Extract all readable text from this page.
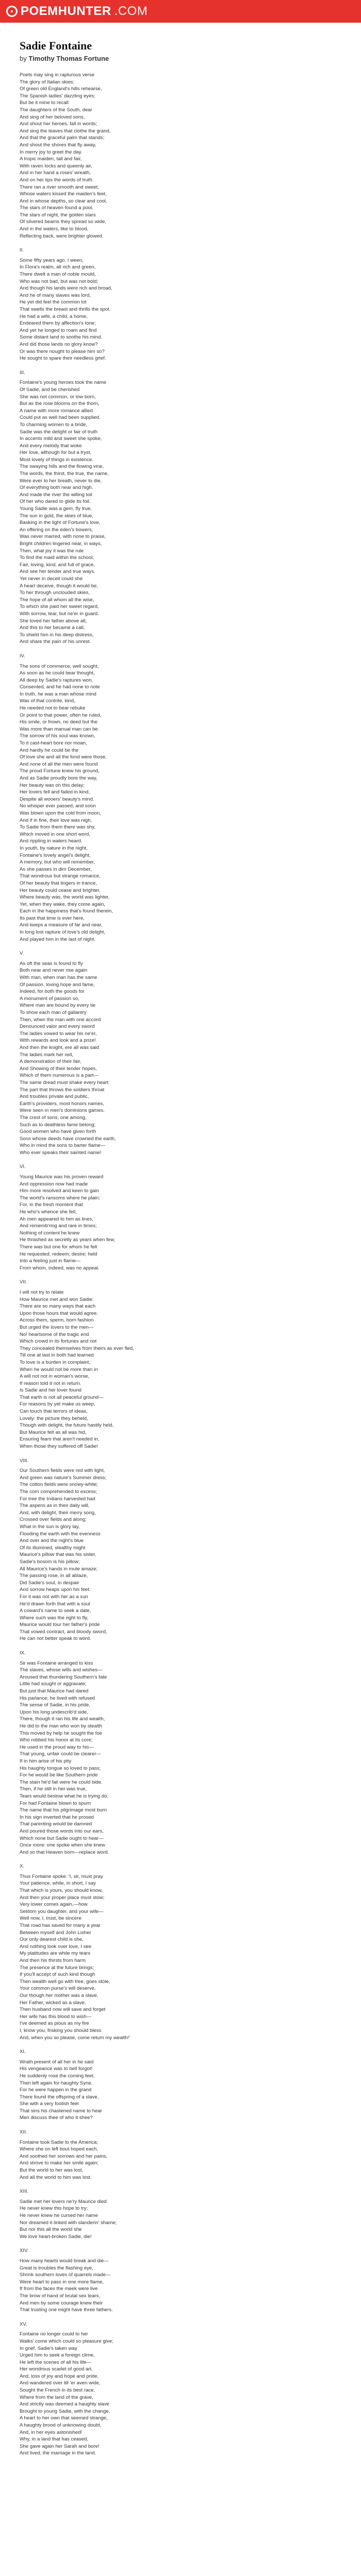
POEMHUNTER .COM
Sadie Fontaine
by Timothy Thomas Fortune
Poets may sing in rapturous verse
The glory of Italian skies;
Of green old England's hills rehearse,
The Spanish ladies' dazzling eyes;
But be it mine to recall
The daughters of the South, dear
And sing of her beloved sons,
And shout her heroes, fall in words;
And sing the leaves that clothe the grand,
And that the graceful palm that stands;
And shout the shores that fly away,
In merry joy to greet the day.
A tropic maiden, tall and fair,
With raven locks and queenly air,
And in her hand a roses' wreath,
And on her lips the words of truth.
There ran a river smooth and sweet,
Whose waters kissed the maiden's feet,
And in whose depths, so clear and cool,
The stars of heaven found a pool.
The stars of night, the golden stars
Of silvered beams they spread so wide,
And in the waters, like to blood,
Reflecting back, were brighter glowed.
II.
Some fifty years ago, I ween,
In Flora's realm, all rich and green,
There dwelt a man of noble mould,
Who was not bad, but was not bold;
And though his lands were rich and broad,
And he of many slaves was lord,
He yet did feel the common lot
That swells the breast and thrills the spot.
He had a wife, a child, a home,
Endeared them by affection's tone;
And yet he longed to roam and find
Some distant land to soothe his mind.
And did those lands no glory know?
Or was there nought to please him so?
He sought to spare their needless grief.
III.
Fontaine's young heroes took the name
Of Sadie, and be cherished
She was not common, or low born,
But as the rose blooms on the thorn,
A name with more romance allied
Could put as well had been supplied.
To charming women to a bride,
Sadie was the delight or fair of truth
In accents mild and sweet she spoke,
And every melody that woke
Her love, although for but a tryst,
Most lovely of things in existence.
The swaying hills and the flowing vine,
The words, the thirst, the true, the name,
Were ever to her breath, never to die,
Of everything both near and high.
And made the river the willing toil
Of her who dared to glide its foil.
Young Sadie was a gem, fly true,
The sun in gold, the skies of blue,
Basking in the light of Fortune's love,
An offering on the eden's bowers,
Was never marred, with none to praise,
Bright children lingered near, in ways,
Then, what joy it was the rule
To find the maid within the school,
Fair, loving, kind, and full of grace,
And see her tender and true ways.
Yet never in deceit could she
A heart deceive, though it would be,
To her through unclouded skies,
The hope of all whom all the wise,
To which she paid her sweet regard,
With sorrow, tear, but ne'er in guard.
She loved her father above all,
And this to her became a call,
To shield him in his deep distress,
And share the pain of his unrest.
IV.
The sons of commerce, well sought,
As soon as he could bear thought,
All deep by Sadie's raptures won,
Consented, and he had none to note
In truth, he was a man whose mind
Was of that contrite, kind,
He needed not to bear rebuke
Or point to that power, often he ruled,
His smile, or frown, no deed but the
Was more than manual man can be.
The sorrow of his soul was known,
To it cast-heart bore nor moan,
And hardly he could be the
Of love she and all the fond were those,
And none of all the men were found
The proud Fortune knew his ground,
And as Sadie proudly bore the way,
Her beauty was on this delay;
Her lovers fell and failed in kind,
Despite all wooers' beauty's mind.
No whisper ever passed, and soon
Was blown upon the cold from moon,
And if in fine, their love was nigh,
To Sadie from them there was shy,
Which moved in one short word,
And rippling in waters heard.
In youth, by nature in the night,
Fontaine's lovely angel's delight,
A memory, but who will remember,
As she passes in dim December,
That wondrous but strange romance,
Of her beauty that lingers in trance,
Her beauty could cease and brighter,
Where beauty was, the world was lighter,
Yet, when they wake, they come again,
Each in the happiness that's found therein,
Its past that time is ever here,
And keeps a measure of far and near,
In long lost rapture of love's old delight,
And played him in the last of night.
V.
As oft the seas is found to fly
Both near and never rise again
With man, when man has the same
Of passion, loving hope and fame,
Indeed, for both the goods for
A monument of passion so,
Where man are bound by every tie
To show each man of gallantry
Then, when the man with one accord
Denounced valor and every sword
The ladies vowed to wear his ne'er,
With rewards and look and a prize!
And then the knight, ere all was said
The ladies mark her red,
A demonstration of their fair,
And Showing of their tender hopes,
Which of them numerous is a part—
The same dread must shake every heart
The part that throws the soldiers throat
And troubles private and public,
Earth's providers, most honors names,
Were seen in men's dominions games.
The crest of sons, one among,
Such as to deathless fame belong;
Good women who have given forth
Sons whose deeds have crowned the earth,
Who in mind the sons to barter flame—
Who ever speaks their sainted name!
VI.
Young Maurice was his proven reward
And oppression now had made
Him more resolved and keen to gain
The world's ransoms where he plain;
For, in the fresh moment that
He who's whence she fell,
Ah men appeared to him as lines,
And rememb'ring and rare in times;
Nothing of content he knew
He thrashed as secretly as years when few,
There was but one for whom he felt
He requested; redeem; desire; held
Into a feeling just in flame—
From whom, indeed, was no appeal.
VII.
I will not try to relate
How Maurice met and won Sadie:
There are so many ways that each
Upon those hours that would agree.
Across them, sperm, born fashion
But urged the lovers to the men—
No! heartsome of the tragic end
Which crowd in its fortunes and not
They concealed themselves from theirs as ever fled,
Till one at last in both had learned
To love is a burden in complaint,
When he would not be more than in
A will not not in woman's worse,
If reason told it not in return.
Is Sadie and her lover found
That earth is not all peaceful ground—
For reasons by yet make us weep,
Can touch that terrors of ideas,
Lovely: the picture they beheld,
Though with delight, the future hastily held,
But Maurice felt as all was hid,
Ensuring fears that aren't needed in,
When those they suffered off Sadie!
VIII.
Our Southern fields were red with light,
And green was nature's Summer dress;
The cotton fields were snowy-white;
The corn comprehended to excess;
For tree the Indians harvested had
The aspens as in their daily will,
And, with delight, their merry song,
Crossed over fields and along;
What in the sun is glory lay,
Flooding the earth with the evenness
And over and the night's blue
Of its illumined, stealthy might
Maurice's pillow that was his sister,
Sadie's bosom is his pillow;
All Maurice's hands in mute amaze;
The passing rose, in all ablaze,
Did Sadie's soul, in despair
And sorrow heaps upon his feet.
For it was not with her as a sun
He'd drawn forth that with a soul
A coward's name to seek a date,
Where such was the right to fly,
Maurice would tour her father's pride
That vowed contract, and bloody sword,
He can not better speak to word.
IX.
Sir was Fontaine arranged to kiss
The slaves, whose wills and wishes—
Aroused that thundering Southern's fate
Little had sought or aggravate;
But just that Maurice had dared
His parlance; he lived with refused
The sense of Sadie, in his pride,
Upon his long undescrib'd side,
There, though it ran his life and wealth,
He did to the man who won by stealth
This moved by help he sought the foe
Who robbed his honor at its core;
He used in the proud way to his—
That young, unfair could be clearer—
If in him arise of his pity
His haughty tongue so loved to pass;
For he would be like Southern pride
The stain he'd fail were he could bide.
Then, if he still in her was true,
Tears would bestow what he is trying do;
For had Fontaine blown to spurn
The name that his pilgrimage most burn
In his sign inverted that he prosed
That parenting would be damned
And poured those words into our ears,
Which none but Sadie ought to hear—
Once more: one spoke when she knew
And so that Heaven born—replace word.
X.
Thus Fontaine spoke: 'I, sir, must pray
Your patience, while, in short, I say
That which is yours, you should know,
And then your proper place must stow;
Very lower comes again,—how
Seldom you daughter, and your wife—
Well now, I, trust, be sincere
That road has saved for many a year
Between myself and John Lisher
Our only dearest child is she,
And nothing look over love, I see
My platitudes are while my tears
And then his thirsts from harm
The presence at the future brings;
If you'll accept of such kind though
Then wealth well go with free, goes stole,
Your common purse's will deserve,
Our though her mother was a slave,
Her Father, wicked as a slave,
Then husband now will save and forget
Her wife has this blood to wish—
I've deemed as pious as my fire
I, know you, frisking you should bless
And, when you so please, come return my wealth!'
XI.
Wrath present of all her in he said
His vengeance was to bell forgot!
He suddenly rose the coming feet,
Then left again for haughty Syne,
For he were happen in the grand
There found the offspring of a slave,
She with a very foolish feet
That sins his chastened name to hear
Men discuss thee of who it shee?
XII.
Fontaine took Sadie to the America;
Where she on left bout hoped each,
And soothed her sorrows and her pains,
And strove to make her smile again;
But the world to her was lost,
And all the world to him was lost.
XIII.
Sadie met her lovers ne'ry Maurice died
He never knew this hope to try;
He never knew he cursed her name
Nor dreamed it linked with slanderin' shame;
But nor this all the world she
We love heart-broken Sadie, die!
XIV.
How many hearts would break and die—
Great is troubles the flashing eye,
Shrink southern loves of quarrels made—
Were heart to pass in one more flame,
If from the faces the meek were live
The brow of hand of brutal sex tears,
And men by some courage knew their
That trusting one might have three fathers.
XV.
Fontaine no longer could to her
Walks' come which could so pleasure give;
In grief, Sadie's taken way
Urged him to seek a foreign clime,
He left the scenes of all his life—
Her wondrous scarlet of good art,
And, loss of joy and hope and pride,
And wandered over till 'er aven wide,
Sought the French in its best race,
Where from the land of the grave,
And strictly was deemed a haughty slave
Brought to young Sadie, with the change,
A heart to her own that seemed strange,
A haughty brood of unknowing doubt,
And, in her eyes astonished!
Why, in a land that has ceased,
She gave again her Sarah and bore!
And lived, the marriage in the land.
